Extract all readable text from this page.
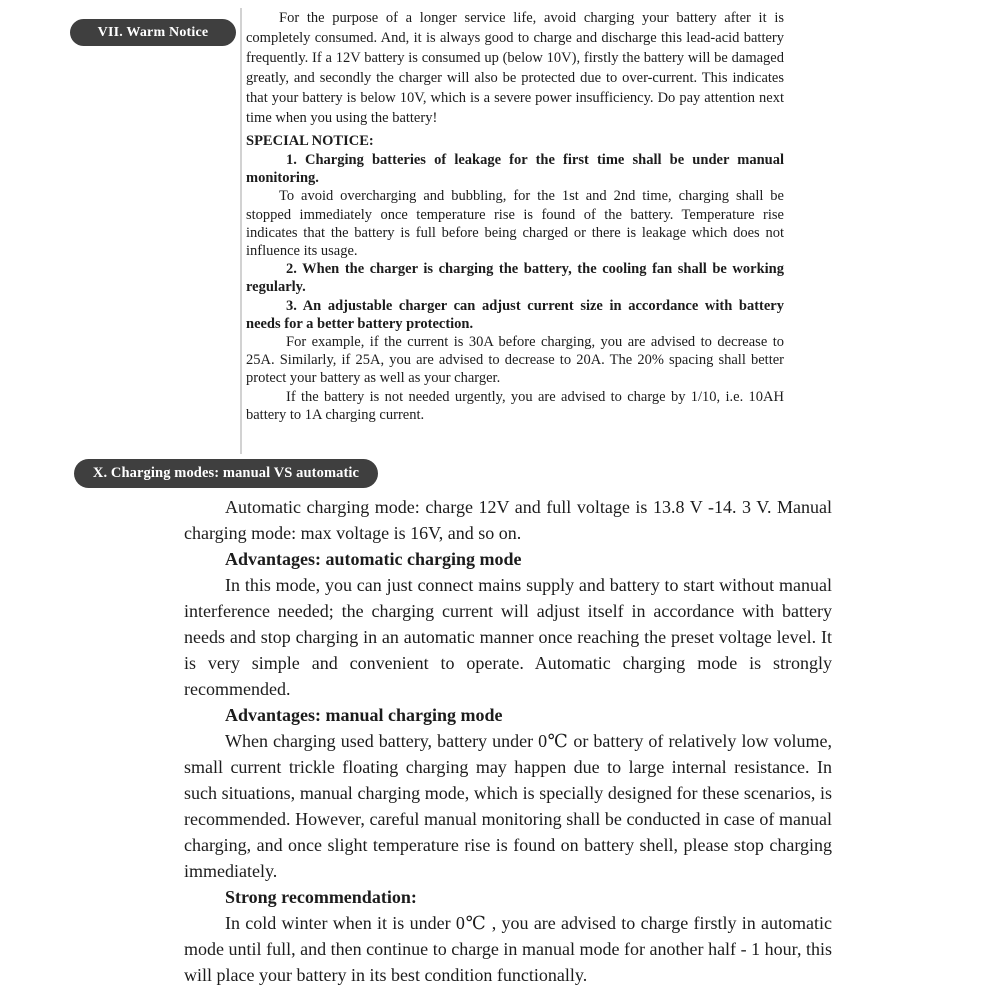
VII. Warm Notice

For the purpose of a longer service life, avoid charging your battery after it is completely consumed. And, it is always good to charge and discharge this lead-acid battery frequently. If a 12V battery is consumed up (below 10V), firstly the battery will be damaged greatly, and secondly the charger will also be protected due to over-current. This indicates that your battery is below 10V, which is a severe power insufficiency. Do pay attention next time when you using the battery!

SPECIAL NOTICE:

1. Charging batteries of leakage for the first time shall be under manual monitoring.

To avoid overcharging and bubbling, for the 1st and 2nd time, charging shall be stopped immediately once temperature rise is found of the battery. Temperature rise indicates that the battery is full before being charged or there is leakage which does not influence its usage.

2. When the charger is charging the battery, the cooling fan shall be working regularly.

3. An adjustable charger can adjust current size in accordance with battery needs for a better battery protection.

For example, if the current is 30A before charging, you are advised to decrease to 25A. Similarly, if 25A, you are advised to decrease to 20A. The 20% spacing shall better protect your battery as well as your charger.

If the battery is not needed urgently, you are advised to charge by 1/10, i.e. 10AH battery to 1A charging current.

X. Charging modes: manual VS automatic

Automatic charging mode: charge 12V and full voltage is 13.8 V -14. 3 V. Manual charging mode: max voltage is 16V, and so on.

Advantages: automatic charging mode

In this mode, you can just connect mains supply and battery to start without manual interference needed; the charging current will adjust itself in accordance with battery needs and stop charging in an automatic manner once reaching the preset voltage level. It is very simple and convenient to operate. Automatic charging mode is strongly recommended.

Advantages: manual charging mode

When charging used battery, battery under 0℃ or battery of relatively low volume, small current trickle floating charging may happen due to large internal resistance. In such situations, manual charging mode, which is specially designed for these scenarios, is recommended. However, careful manual monitoring shall be conducted in case of manual charging, and once slight temperature rise is found on battery shell, please stop charging immediately.

Strong recommendation:

In cold winter when it is under 0℃ , you are advised to charge firstly in automatic mode until full, and then continue to charge in manual mode for another half - 1 hour, this will place your battery in its best condition functionally.
